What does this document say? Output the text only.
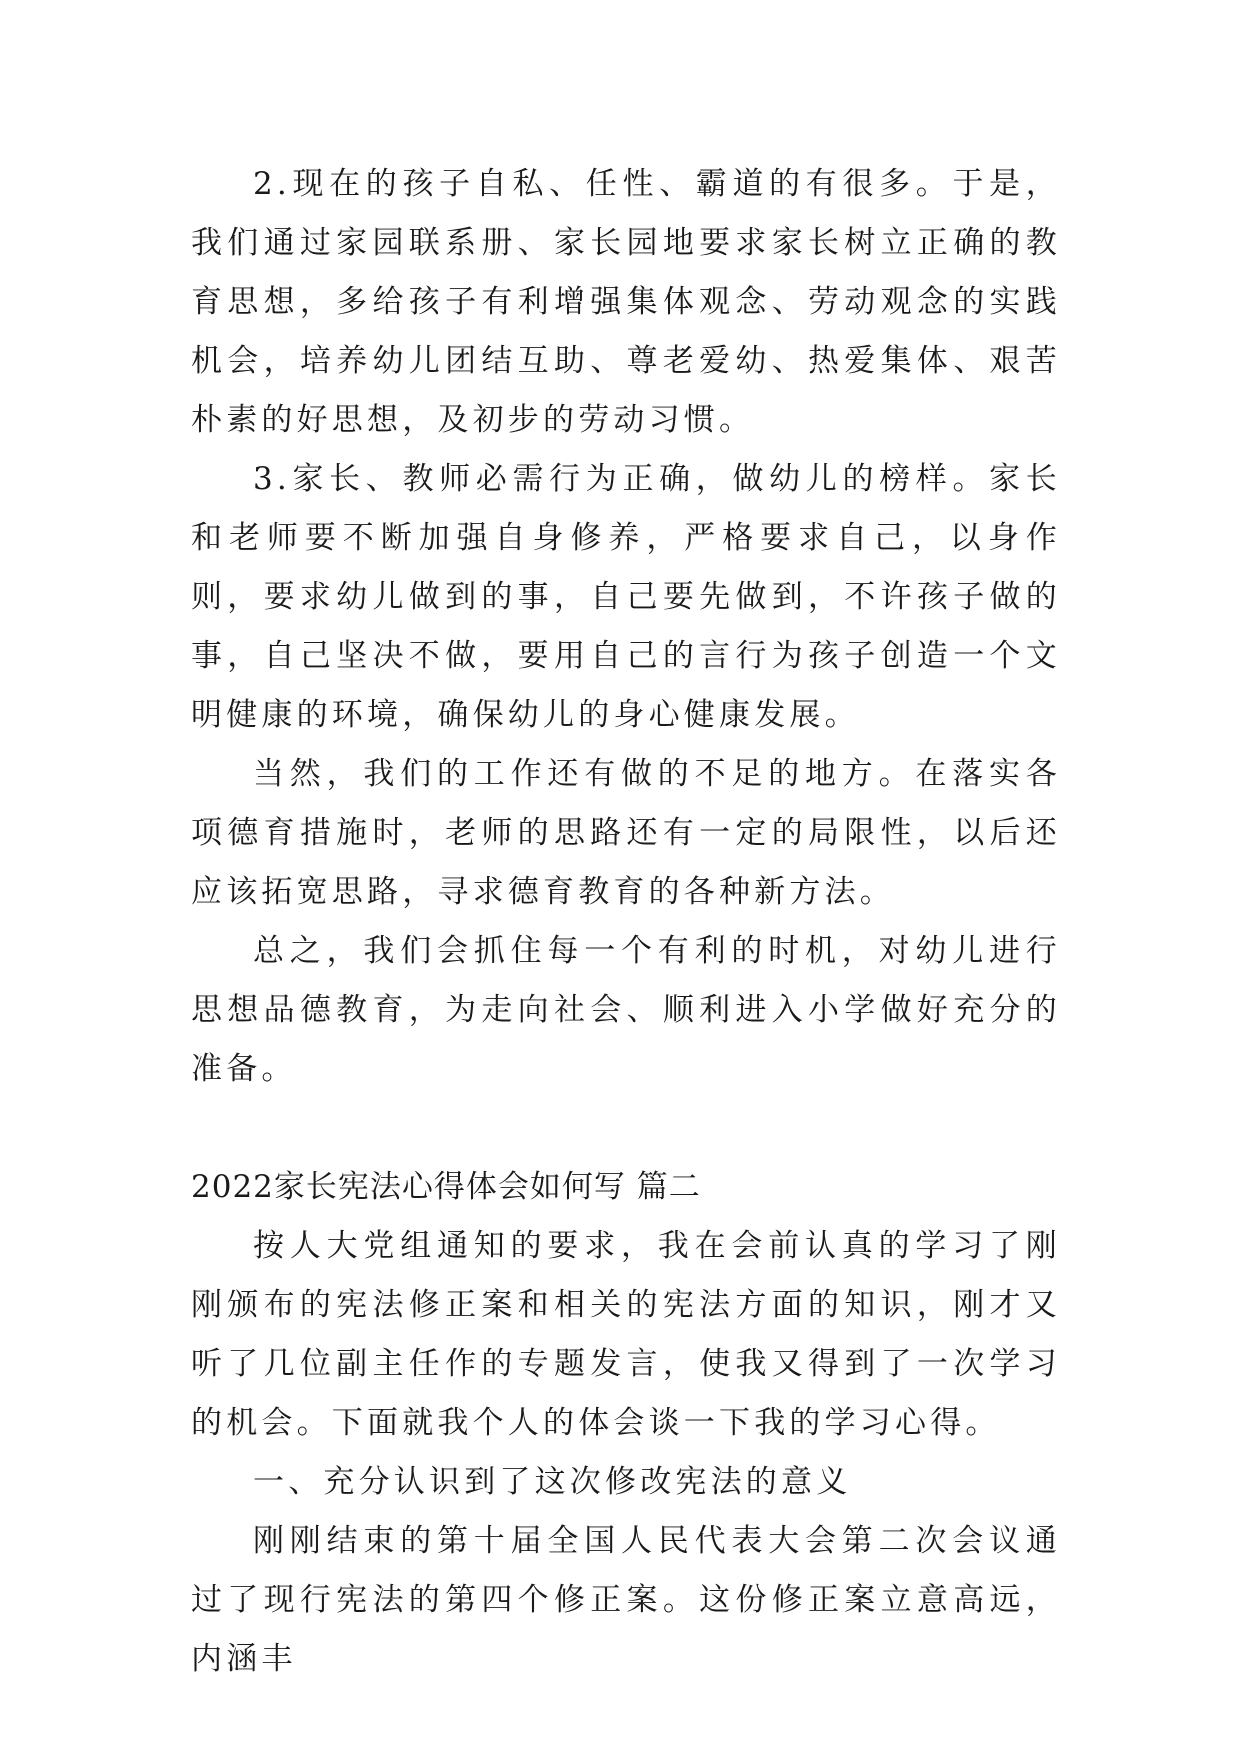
2.现在的孩子自私、任性、霸道的有很多。于是，我们通过家园联系册、家长园地要求家长树立正确的教育思想，多给孩子有利增强集体观念、劳动观念的实践机会，培养幼儿团结互助、尊老爱幼、热爱集体、艰苦朴素的好思想，及初步的劳动习惯。

3.家长、教师必需行为正确，做幼儿的榜样。家长和老师要不断加强自身修养，严格要求自己，以身作则，要求幼儿做到的事，自己要先做到，不许孩子做的事，自己坚决不做，要用自己的言行为孩子创造一个文明健康的环境，确保幼儿的身心健康发展。

当然，我们的工作还有做的不足的地方。在落实各项德育措施时，老师的思路还有一定的局限性，以后还应该拓宽思路，寻求德育教育的各种新方法。

总之，我们会抓住每一个有利的时机，对幼儿进行思想品德教育，为走向社会、顺利进入小学做好充分的准备。

2022家长宪法心得体会如何写 篇二

按人大党组通知的要求，我在会前认真的学习了刚刚颁布的宪法修正案和相关的宪法方面的知识，刚才又听了几位副主任作的专题发言，使我又得到了一次学习的机会。下面就我个人的体会谈一下我的学习心得。

一、充分认识到了这次修改宪法的意义

刚刚结束的第十届全国人民代表大会第二次会议通过了现行宪法的第四个修正案。这份修正案立意高远，内涵丰
